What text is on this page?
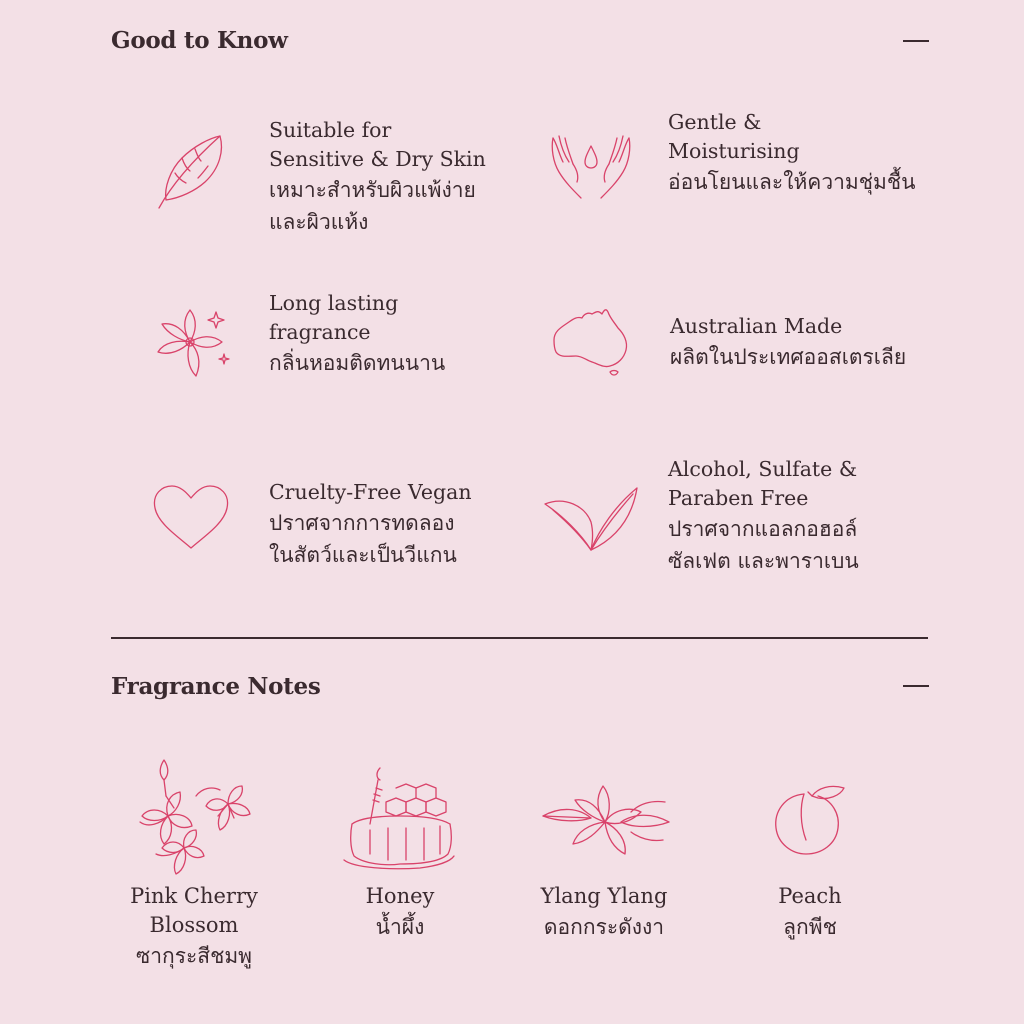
Good to Know

Suitable for
Sensitive & Dry Skin

เหมาะสำหรับผิวแพ้ง่าย
และผิวแห้ง

Gentle &
Moisturising

อ่อนโยนและให้ความชุ่มชื้น

Long lasting
fragrance

กลิ่นหอมติดทนนาน

Australian Made

ผลิตในประเทศออสเตรเลีย

Cruelty-Free Vegan

ปราศจากการทดลอง
ในสัตว์และเป็นวีแกน

Alcohol, Sulfate &
Paraben Free

ปราศจากแอลกอฮอล์
ซัลเฟต และพาราเบน

Fragrance Notes

Pink Cherry
Blossom

ซากุระสีชมพู

Honey

น้ำผึ้ง

Ylang Ylang

ดอกกระดังงา

Peach

ลูกพีช
